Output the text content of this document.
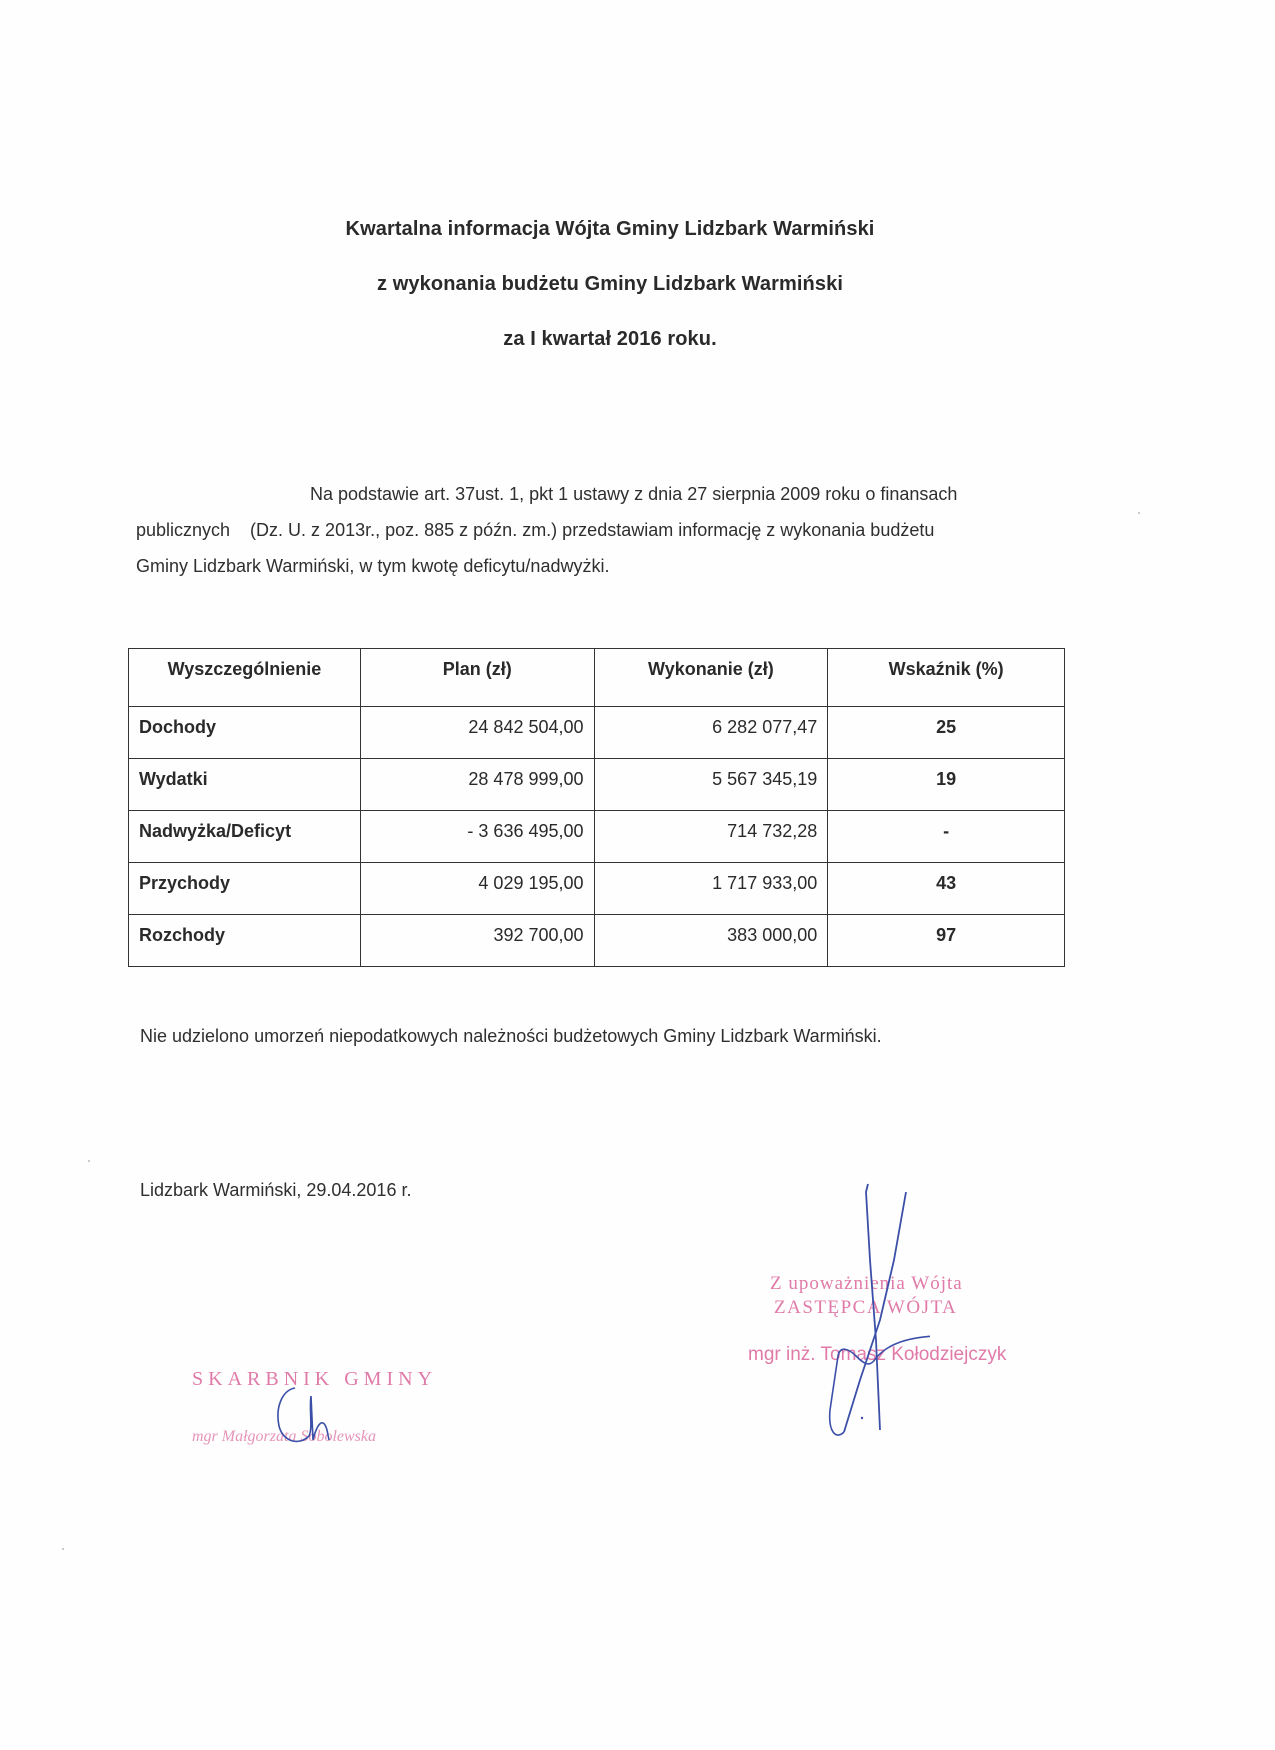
Kwartalna informacja Wójta Gminy Lidzbark Warmiński
z wykonania budżetu Gminy Lidzbark Warmiński
za I kwartał 2016 roku.
Na podstawie art. 37ust. 1, pkt 1 ustawy z dnia 27 sierpnia 2009 roku o finansach
publicznych    (Dz. U. z 2013r., poz. 885 z późn. zm.) przedstawiam informację z wykonania budżetu
Gminy Lidzbark Warmiński, w tym kwotę deficytu/nadwyżki.
Wyszczególnienie	Plan (zł)	Wykonanie (zł)	Wskaźnik (%)
Dochody	24 842 504,00	6 282 077,47	25
Wydatki	28 478 999,00	5 567 345,19	19
Nadwyżka/Deficyt	- 3 636 495,00	714 732,28	-
Przychody	4 029 195,00	1 717 933,00	43
Rozchody	392 700,00	383 000,00	97
Nie udzielono umorzeń niepodatkowych należności budżetowych Gminy Lidzbark Warmiński.
Lidzbark Warmiński, 29.04.2016 r.
Z upoważnienia Wójta
ZASTĘPCA WÓJTA
mgr inż. Tomasz Kołodziejczyk
SKARBNIK GMINY
mgr Małgorzata Sobolewska
